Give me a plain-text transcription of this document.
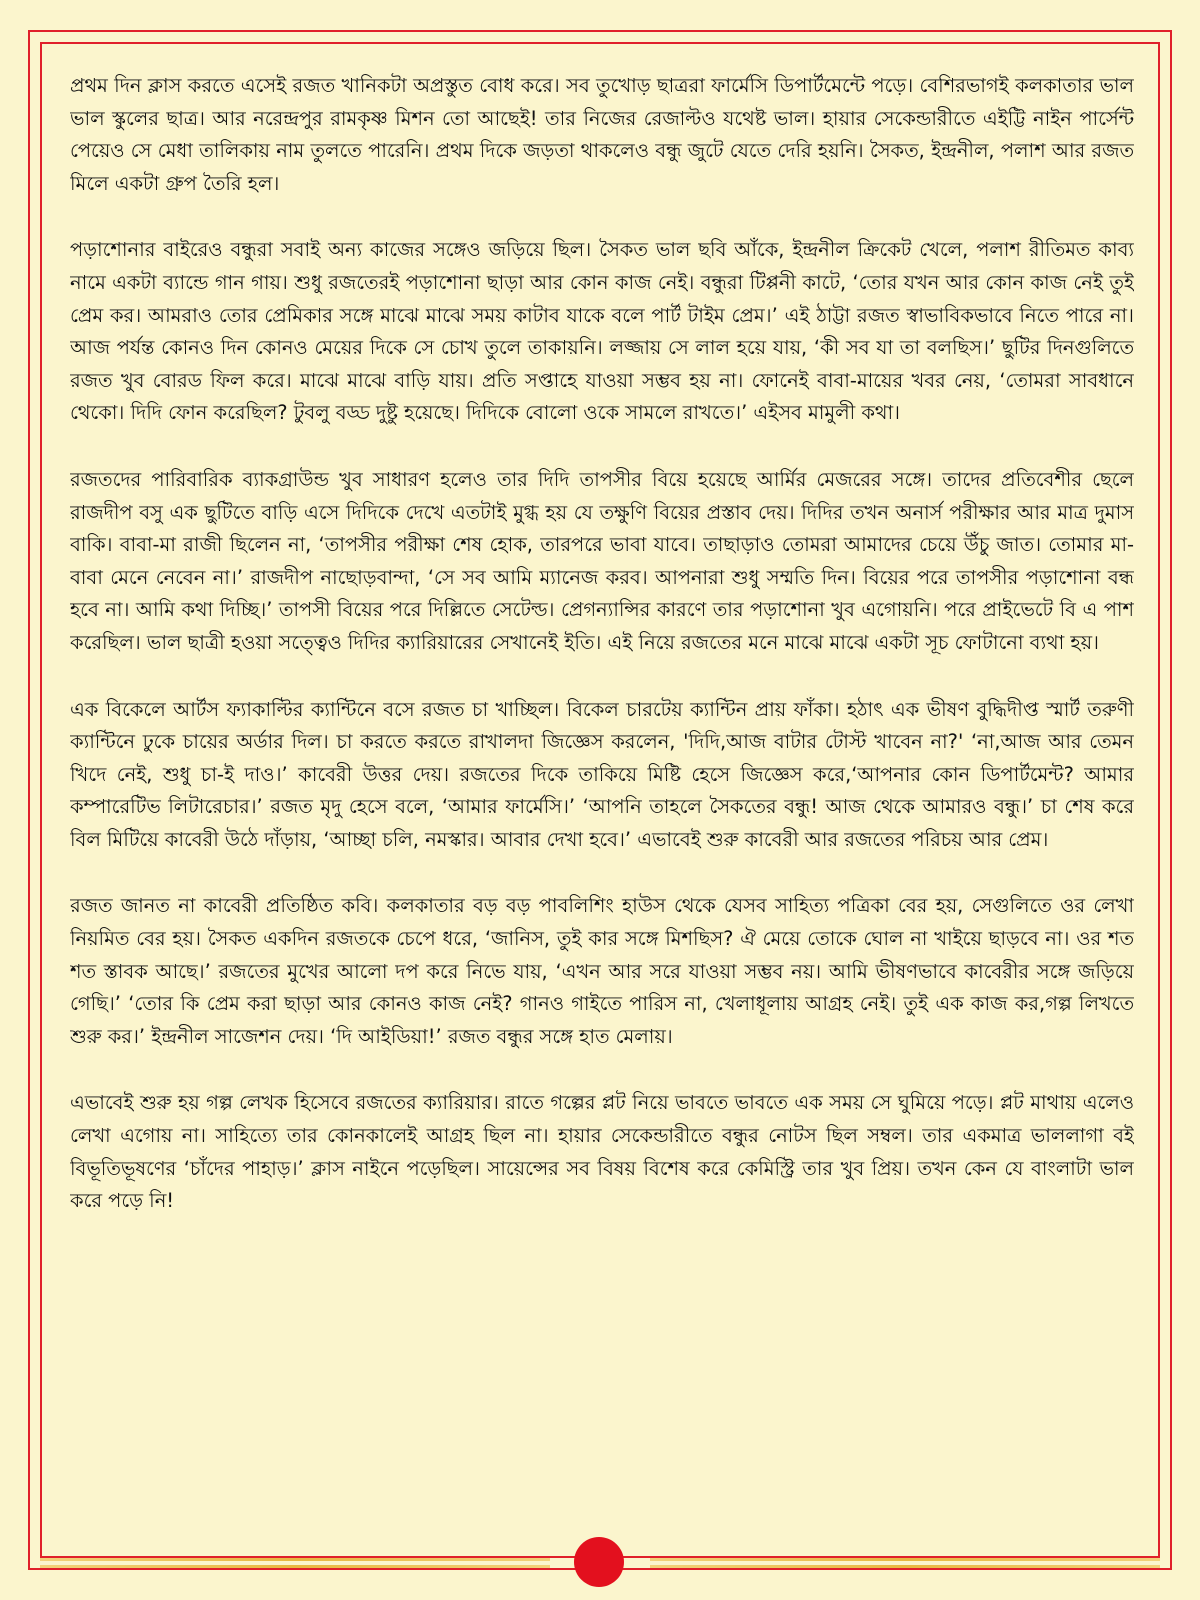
প্রথম দিন ক্লাস করতে এসেই রজত খানিকটা অপ্রস্তুত বোধ করে। সব তুখোড় ছাত্ররা ফার্মেসি ডিপার্টমেন্টে পড়ে। বেশিরভাগই কলকাতার ভাল ভাল স্কুলের ছাত্র। আর নরেন্দ্রপুর রামকৃষ্ণ মিশন তো আছেই! তার নিজের রেজাল্টও যথেষ্ট ভাল। হায়ার সেকেন্ডারীতে এইট্টি নাইন পার্সেন্ট পেয়েও সে মেধা তালিকায় নাম তুলতে পারেনি। প্রথম দিকে জড়তা থাকলেও বন্ধু জুটে যেতে দেরি হয়নি। সৈকত, ইন্দ্রনীল, পলাশ আর রজত মিলে একটা গ্রুপ তৈরি হল।

পড়াশোনার বাইরেও বন্ধুরা সবাই অন্য কাজের সঙ্গেও জড়িয়ে ছিল। সৈকত ভাল ছবি আঁকে, ইন্দ্রনীল ক্রিকেট খেলে, পলাশ রীতিমত কাব্য নামে একটা ব্যান্ডে গান গায়। শুধু রজতেরই পড়াশোনা ছাড়া আর কোন কাজ নেই। বন্ধুরা টিপ্পনী কাটে, ‘তোর যখন আর কোন কাজ নেই তুই প্রেম কর। আমরাও তোর প্রেমিকার সঙ্গে মাঝে মাঝে সময় কাটাব যাকে বলে পার্ট টাইম প্রেম।’ এই ঠাট্টা রজত স্বাভাবিকভাবে নিতে পারে না। আজ পর্যন্ত কোনও দিন কোনও মেয়ের দিকে সে চোখ তুলে তাকায়নি। লজ্জায় সে লাল হয়ে যায়, ‘কী সব যা তা বলছিস।’ ছুটির দিনগুলিতে রজত খুব বোরড ফিল করে। মাঝে মাঝে বাড়ি যায়। প্রতি সপ্তাহে যাওয়া সম্ভব হয় না। ফোনেই বাবা-মায়ের খবর নেয়, ‘তোমরা সাবধানে থেকো। দিদি ফোন করেছিল? টুবলু বড্ড দুষ্টু হয়েছে। দিদিকে বোলো ওকে সামলে রাখতে।’ এইসব মামুলী কথা।

রজতদের পারিবারিক ব্যাকগ্রাউন্ড খুব সাধারণ হলেও তার দিদি তাপসীর বিয়ে হয়েছে আর্মির মেজরের সঙ্গে। তাদের প্রতিবেশীর ছেলে রাজদীপ বসু এক ছুটিতে বাড়ি এসে দিদিকে দেখে এতটাই মুগ্ধ হয় যে তক্ষুণি বিয়ের প্রস্তাব দেয়। দিদির তখন অনার্স পরীক্ষার আর মাত্র দুমাস বাকি। বাবা-মা রাজী ছিলেন না, ‘তাপসীর পরীক্ষা শেষ হোক, তারপরে ভাবা যাবে। তাছাড়াও তোমরা আমাদের চেয়ে উঁচু জাত। তোমার মা-বাবা মেনে নেবেন না।’ রাজদীপ নাছোড়বান্দা, ‘সে সব আমি ম্যানেজ করব। আপনারা শুধু সম্মতি দিন। বিয়ের পরে তাপসীর পড়াশোনা বন্ধ হবে না। আমি কথা দিচ্ছি।’ তাপসী বিয়ের পরে দিল্লিতে সেটেল্ড। প্রেগন্যান্সির কারণে তার পড়াশোনা খুব এগোয়নি। পরে প্রাইভেটে বি এ পাশ করেছিল। ভাল ছাত্রী হওয়া সত্ত্বেও দিদির ক্যারিয়ারের সেখানেই ইতি। এই নিয়ে রজতের মনে মাঝে মাঝে একটা সূচ ফোটানো ব্যথা হয়।

এক বিকেলে আর্টস ফ্যাকাল্টির ক্যান্টিনে বসে রজত চা খাচ্ছিল। বিকেল চারটেয় ক্যান্টিন প্রায় ফাঁকা। হঠাৎ এক ভীষণ বুদ্ধিদীপ্ত স্মার্ট তরুণী ক্যান্টিনে ঢুকে চায়ের অর্ডার দিল। চা করতে করতে রাখালদা জিজ্ঞেস করলেন, 'দিদি,আজ বাটার টোস্ট খাবেন না?' ‘না,আজ আর তেমন খিদে নেই, শুধু চা-ই দাও।’ কাবেরী উত্তর দেয়। রজতের দিকে তাকিয়ে মিষ্টি হেসে জিজ্ঞেস করে,‘আপনার কোন ডিপার্টমেন্ট? আমার কম্পারেটিভ লিটারেচার।’ রজত মৃদু হেসে বলে, ‘আমার ফার্মেসি।’ ‘আপনি তাহলে সৈকতের বন্ধু! আজ থেকে আমারও বন্ধু।’ চা শেষ করে বিল মিটিয়ে কাবেরী উঠে দাঁড়ায়, ‘আচ্ছা চলি, নমস্কার। আবার দেখা হবে।’ এভাবেই শুরু কাবেরী আর রজতের পরিচয় আর প্রেম।

রজত জানত না কাবেরী প্রতিষ্ঠিত কবি। কলকাতার বড় বড় পাবলিশিং হাউস থেকে যেসব সাহিত্য পত্রিকা বের হয়, সেগুলিতে ওর লেখা নিয়মিত বের হয়। সৈকত একদিন রজতকে চেপে ধরে, ‘জানিস, তুই কার সঙ্গে মিশছিস? ঐ মেয়ে তোকে ঘোল না খাইয়ে ছাড়বে না। ওর শত শত স্তাবক আছে।’ রজতের মুখের আলো দপ করে নিভে যায়, ‘এখন আর সরে যাওয়া সম্ভব নয়। আমি ভীষণভাবে কাবেরীর সঙ্গে জড়িয়ে গেছি।’ ‘তোর কি প্রেম করা ছাড়া আর কোনও কাজ নেই? গানও গাইতে পারিস না, খেলাধূলায় আগ্রহ নেই। তুই এক কাজ কর,গল্প লিখতে শুরু কর।’ ইন্দ্রনীল সাজেশন দেয়। ‘দি আইডিয়া!’ রজত বন্ধুর সঙ্গে হাত মেলায়।

এভাবেই শুরু হয় গল্প লেখক হিসেবে রজতের ক্যারিয়ার। রাতে গল্পের প্লট নিয়ে ভাবতে ভাবতে এক সময় সে ঘুমিয়ে পড়ে। প্লট মাথায় এলেও লেখা এগোয় না। সাহিত্যে তার কোনকালেই আগ্রহ ছিল না। হায়ার সেকেন্ডারীতে বন্ধুর নোটস ছিল সম্বল। তার একমাত্র ভাললাগা বই বিভূতিভূষণের ‘চাঁদের পাহাড়।’ ক্লাস নাইনে পড়েছিল। সায়েন্সের সব বিষয় বিশেষ করে কেমিস্ট্রি তার খুব প্রিয়। তখন কেন যে বাংলাটা ভাল করে পড়ে নি!
